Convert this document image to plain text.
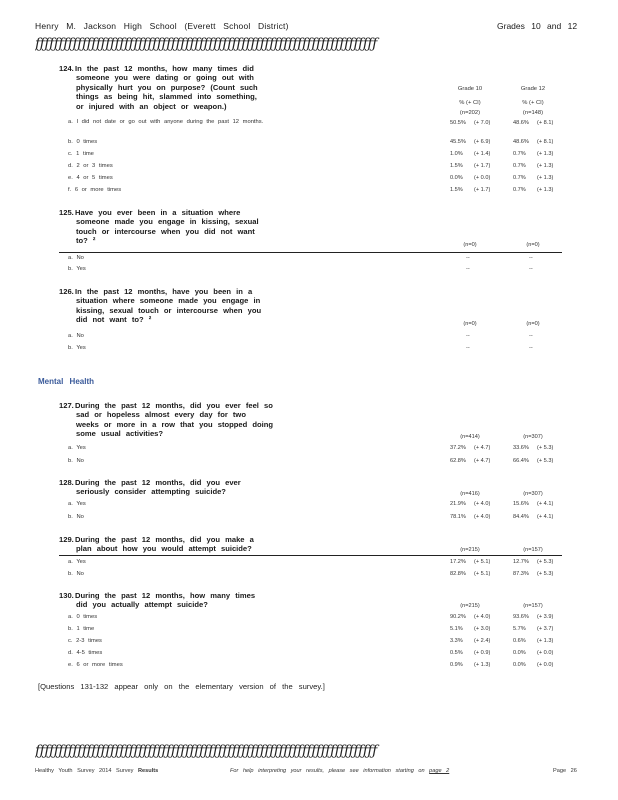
Henry M. Jackson High School (Everett School District)	Grades 10 and 12
ƒƒƒƒƒƒƒƒƒƒƒƒƒƒƒƒƒƒƒƒƒƒƒƒƒƒƒƒƒƒƒƒƒƒƒƒƒƒƒƒƒƒƒƒƒƒƒƒƒƒƒƒƒƒƒƒƒƒƒƒƒƒƒƒƒƒƒƒƒƒƒƒƒ
124.In the past 12 months, how many times did
someone you were dating or going out with
physically hurt you on purpose? (Count such
things as being hit, slammed into something,
or injured with an object or weapon.)
Grade 10
% (+ CI)
(n=202)
Grade 12
% (+ CI)
(n=148)
a. I did not date or go out with anyone during the past 12 months.	50.5% (+ 7.0)	48.6% (+ 8.1)
b. 0 times	45.5% (+ 6.9)	48.6% (+ 8.1)
c. 1 time	1.0% (+ 1.4)	0.7% (+ 1.3)
d. 2 or 3 times	1.5% (+ 1.7)	0.7% (+ 1.3)
e. 4 or 5 times	0.0% (+ 0.0)	0.7% (+ 1.3)
f. 6 or more times	1.5% (+ 1.7)	0.7% (+ 1.3)
125.Have you ever been in a situation where
someone made you engage in kissing, sexual
touch or intercourse when you did not want
to? ²	(n=0)	(n=0)
a. No	--	--
b. Yes	--	--
126.In the past 12 months, have you been in a
situation where someone made you engage in
kissing, sexual touch or intercourse when you
did not want to? ²	(n=0)	(n=0)
a. No	--	--
b. Yes	--	--
Mental Health
127.During the past 12 months, did you ever feel so
sad or hopeless almost every day for two
weeks or more in a row that you stopped doing
some usual activities?	(n=414)	(n=307)
a. Yes	37.2% (+ 4.7)	33.6% (+ 5.3)
b. No	62.8% (+ 4.7)	66.4% (+ 5.3)
128.During the past 12 months, did you ever
seriously consider attempting suicide?	(n=416)	(n=307)
a. Yes	21.9% (+ 4.0)	15.6% (+ 4.1)
b. No	78.1% (+ 4.0)	84.4% (+ 4.1)
129.During the past 12 months, did you make a
plan about how you would attempt suicide?	(n=215)	(n=157)
a. Yes	17.2% (+ 5.1)	12.7% (+ 5.3)
b. No	82.8% (+ 5.1)	87.3% (+ 5.3)
130.During the past 12 months, how many times
did you actually attempt suicide?	(n=215)	(n=157)
a. 0 times	90.2% (+ 4.0)	93.6% (+ 3.9)
b. 1 time	5.1% (+ 3.0)	5.7% (+ 3.7)
c. 2-3 times	3.3% (+ 2.4)	0.6% (+ 1.3)
d. 4-5 times	0.5% (+ 0.9)	0.0% (+ 0.0)
e. 6 or more times	0.9% (+ 1.3)	0.0% (+ 0.0)
[Questions 131-132 appear only on the elementary version of the survey.]
ƒƒƒƒƒƒƒƒƒƒƒƒƒƒƒƒƒƒƒƒƒƒƒƒƒƒƒƒƒƒƒƒƒƒƒƒƒƒƒƒƒƒƒƒƒƒƒƒƒƒƒƒƒƒƒƒƒƒƒƒƒƒƒƒƒƒƒƒƒƒƒƒƒ
Healthy Youth Survey 2014 Survey Results	For help interpreting your results, please see information starting on page 2	Page 26
